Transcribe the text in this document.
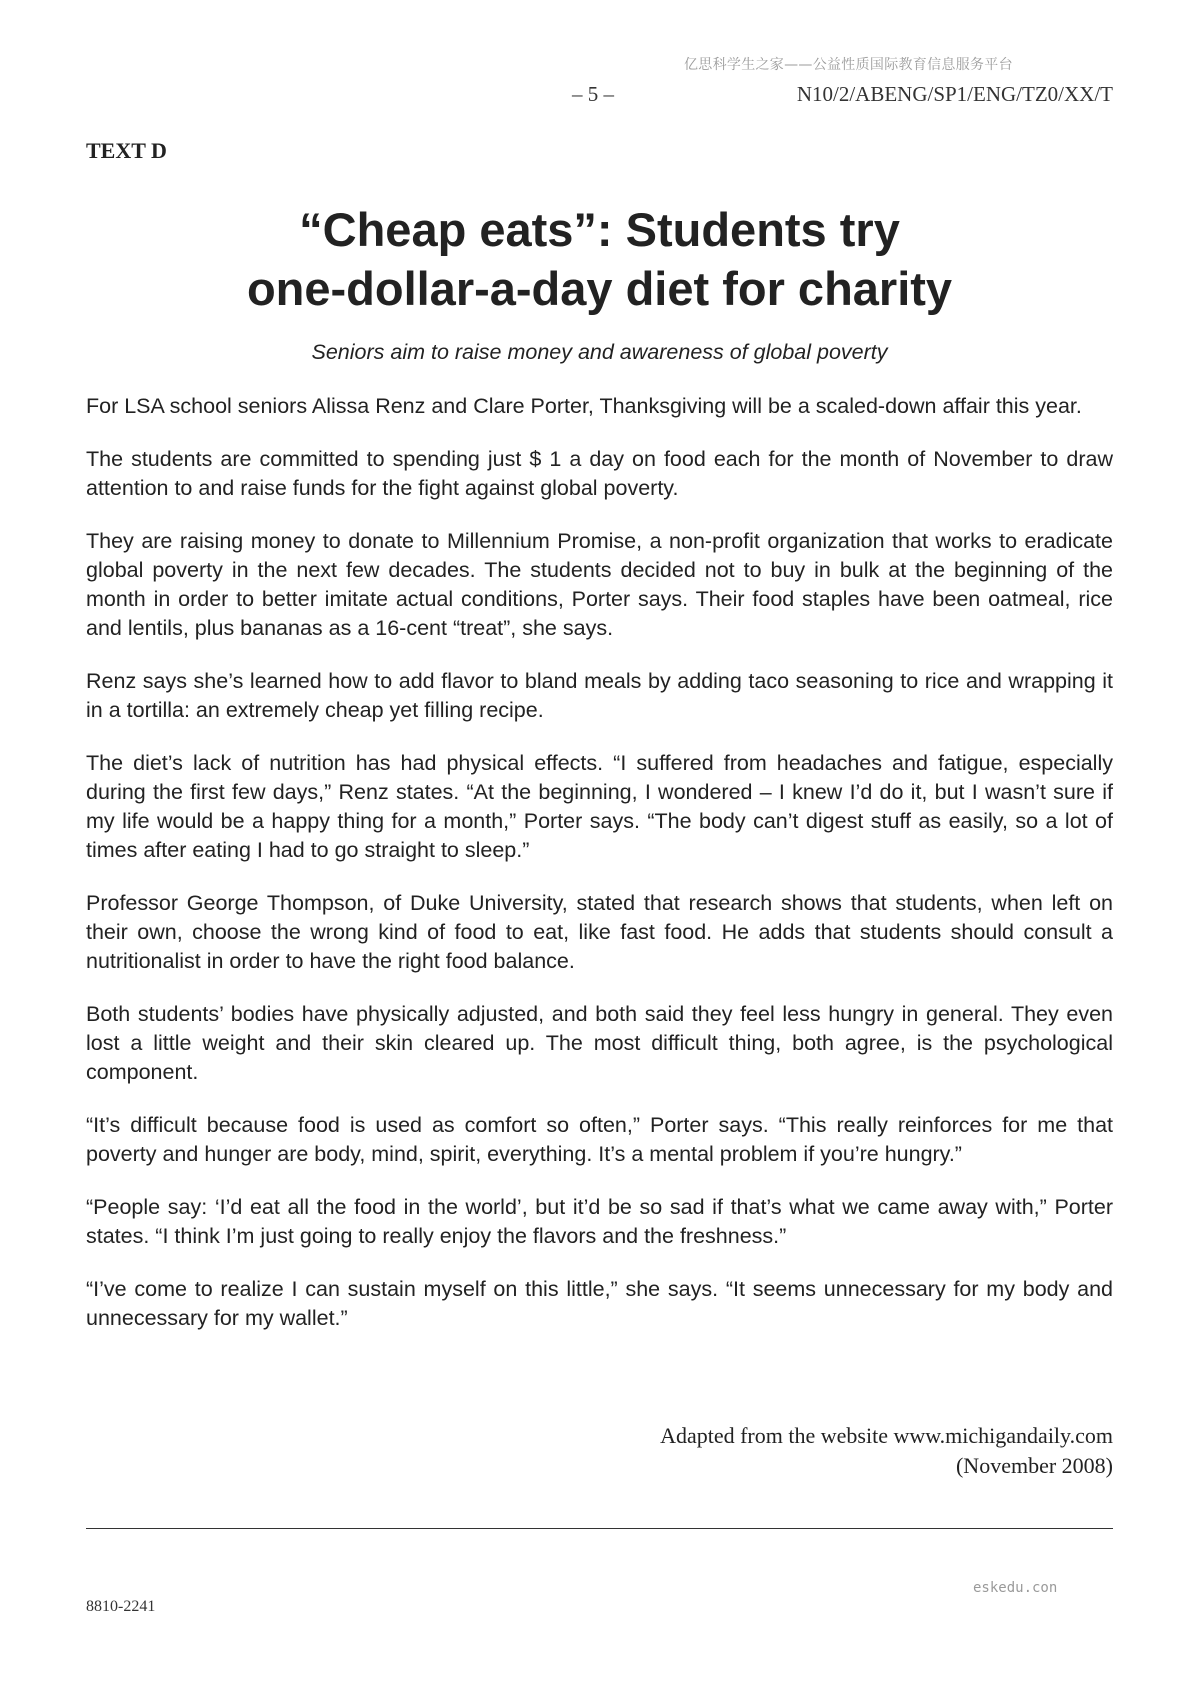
亿思科学生之家——公益性质国际教育信息服务平台
– 5 –	N10/2/ABENG/SP1/ENG/TZ0/XX/T
TEXT D
“Cheap eats”: Students try
one-dollar-a-day diet for charity
Seniors aim to raise money and awareness of global poverty

For LSA school seniors Alissa Renz and Clare Porter, Thanksgiving will be a scaled-down affair this year.

The students are committed to spending just $ 1 a day on food each for the month of November to draw attention to and raise funds for the fight against global poverty.

They are raising money to donate to Millennium Promise, a non-profit organization that works to eradicate global poverty in the next few decades. The students decided not to buy in bulk at the beginning of the month in order to better imitate actual conditions, Porter says. Their food staples have been oatmeal, rice and lentils, plus bananas as a 16-cent “treat”, she says.

Renz says she’s learned how to add flavor to bland meals by adding taco seasoning to rice and wrapping it in a tortilla: an extremely cheap yet filling recipe.

The diet’s lack of nutrition has had physical effects. “I suffered from headaches and fatigue, especially during the first few days,” Renz states. “At the beginning, I wondered – I knew I’d do it, but I wasn’t sure if my life would be a happy thing for a month,” Porter says. “The body can’t digest stuff as easily, so a lot of times after eating I had to go straight to sleep.”

Professor George Thompson, of Duke University, stated that research shows that students, when left on their own, choose the wrong kind of food to eat, like fast food. He adds that students should consult a nutritionalist in order to have the right food balance.

Both students’ bodies have physically adjusted, and both said they feel less hungry in general. They even lost a little weight and their skin cleared up. The most difficult thing, both agree, is the psychological component.

“It’s difficult because food is used as comfort so often,” Porter says. “This really reinforces for me that poverty and hunger are body, mind, spirit, everything. It’s a mental problem if you’re hungry.”

“People say: ‘I’d eat all the food in the world’, but it’d be so sad if that’s what we came away with,” Porter states. “I think I’m just going to really enjoy the flavors and the freshness.”

“I’ve come to realize I can sustain myself on this little,” she says. “It seems unnecessary for my body and unnecessary for my wallet.”

Adapted from the website www.michigandaily.com
(November 2008)
eskedu.con
8810-2241
